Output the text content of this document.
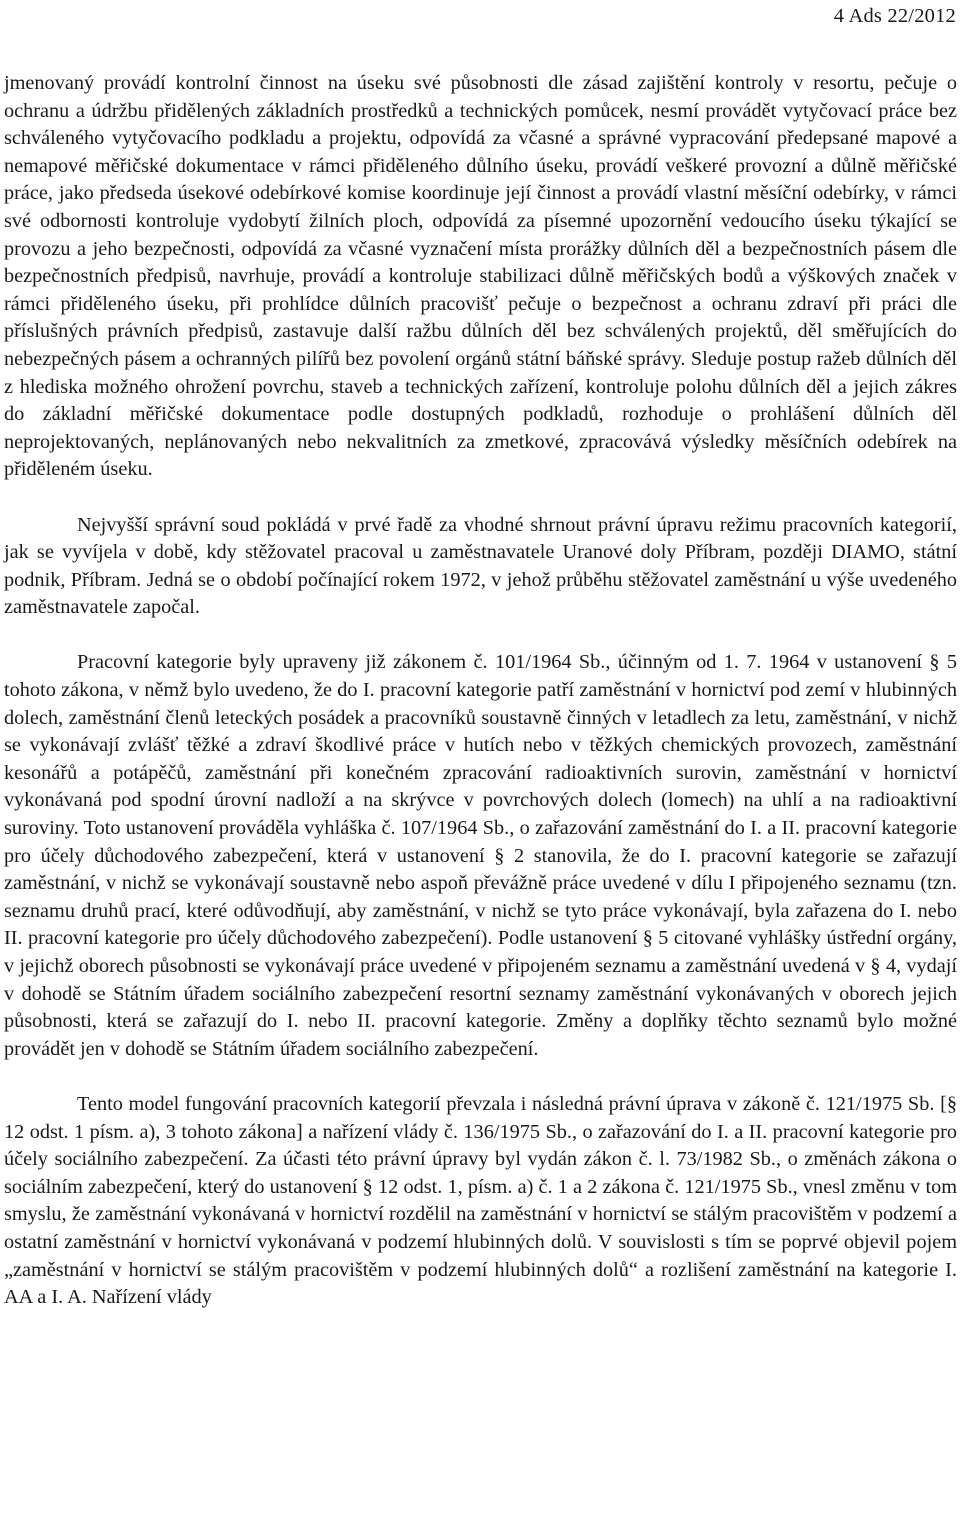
4 Ads 22/2012

jmenovaný provádí kontrolní činnost na úseku své působnosti dle zásad zajištění kontroly v resortu, pečuje o ochranu a údržbu přidělených základních prostředků a technických pomůcek, nesmí provádět vytyčovací práce bez schváleného vytyčovacího podkladu a projektu, odpovídá za včasné a správné vypracování předepsané mapové a nemapové měřičské dokumentace v rámci přiděleného důlního úseku, provádí veškeré provozní a důlně měřičské práce, jako předseda úsekové odebírkové komise koordinuje její činnost a provádí vlastní měsíční odebírky, v rámci své odbornosti kontroluje vydobytí žilních ploch, odpovídá za písemné upozornění vedoucího úseku týkající se provozu a jeho bezpečnosti, odpovídá za včasné vyznačení místa prorážky důlních děl a bezpečnostních pásem dle bezpečnostních předpisů, navrhuje, provádí a kontroluje stabilizaci důlně měřičských bodů a výškových značek v rámci přiděleného úseku, při prohlídce důlních pracovišť pečuje o bezpečnost a ochranu zdraví při práci dle příslušných právních předpisů, zastavuje další ražbu důlních děl bez schválených projektů, děl směřujících do nebezpečných pásem a ochranných pilířů bez povolení orgánů státní báňské správy. Sleduje postup ražeb důlních děl z hlediska možného ohrožení povrchu, staveb a technických zařízení, kontroluje polohu důlních děl a jejich zákres do základní měřičské dokumentace podle dostupných podkladů, rozhoduje o prohlášení důlních děl neprojektovaných, neplánovaných nebo nekvalitních za zmetkové, zpracovává výsledky měsíčních odebírek na přiděleném úseku.

Nejvyšší správní soud pokládá v prvé řadě za vhodné shrnout právní úpravu režimu pracovních kategorií, jak se vyvíjela v době, kdy stěžovatel pracoval u zaměstnavatele Uranové doly Příbram, později DIAMO, státní podnik, Příbram. Jedná se o období počínající rokem 1972, v jehož průběhu stěžovatel zaměstnání u výše uvedeného zaměstnavatele započal.

Pracovní kategorie byly upraveny již zákonem č. 101/1964 Sb., účinným od 1. 7. 1964 v ustanovení § 5 tohoto zákona, v němž bylo uvedeno, že do I. pracovní kategorie patří zaměstnání v hornictví pod zemí v hlubinných dolech, zaměstnání členů leteckých posádek a pracovníků soustavně činných v letadlech za letu, zaměstnání, v nichž se vykonávají zvlášť těžké a zdraví škodlivé práce v hutích nebo v těžkých chemických provozech, zaměstnání kesonářů a potápěčů, zaměstnání při konečném zpracování radioaktivních surovin, zaměstnání v hornictví vykonávaná pod spodní úrovní nadloží a na skrývce v povrchových dolech (lomech) na uhlí a na radioaktivní suroviny. Toto ustanovení prováděla vyhláška č. 107/1964 Sb., o zařazování zaměstnání do I. a II. pracovní kategorie pro účely důchodového zabezpečení, která v ustanovení § 2 stanovila, že do I. pracovní kategorie se zařazují zaměstnání, v nichž se vykonávají soustavně nebo aspoň převážně práce uvedené v dílu I připojeného seznamu (tzn. seznamu druhů prací, které odůvodňují, aby zaměstnání, v nichž se tyto práce vykonávají, byla zařazena do I. nebo II. pracovní kategorie pro účely důchodového zabezpečení). Podle ustanovení § 5 citované vyhlášky ústřední orgány, v jejichž oborech působnosti se vykonávají práce uvedené v připojeném seznamu a zaměstnání uvedená v § 4, vydají v dohodě se Státním úřadem sociálního zabezpečení resortní seznamy zaměstnání vykonávaných v oborech jejich působnosti, která se zařazují do I. nebo II. pracovní kategorie. Změny a doplňky těchto seznamů bylo možné provádět jen v dohodě se Státním úřadem sociálního zabezpečení.

Tento model fungování pracovních kategorií převzala i následná právní úprava v zákoně č. 121/1975 Sb. [§ 12 odst. 1 písm. a), 3 tohoto zákona] a nařízení vlády č. 136/1975 Sb., o zařazování do I. a II. pracovní kategorie pro účely sociálního zabezpečení. Za účasti této právní úpravy byl vydán zákon č. l. 73/1982 Sb., o změnách zákona o sociálním zabezpečení, který do ustanovení § 12 odst. 1, písm. a) č. 1 a 2 zákona č. 121/1975 Sb., vnesl změnu v tom smyslu, že zaměstnání vykonávaná v hornictví rozdělil na zaměstnání v hornictví se stálým pracovištěm v podzemí a ostatní zaměstnání v hornictví vykonávaná v podzemí hlubinných dolů. V souvislosti s tím se poprvé objevil pojem „zaměstnání v hornictví se stálým pracovištěm v podzemí hlubinných dolů“ a rozlišení zaměstnání na kategorie I. AA a I. A. Nařízení vlády
